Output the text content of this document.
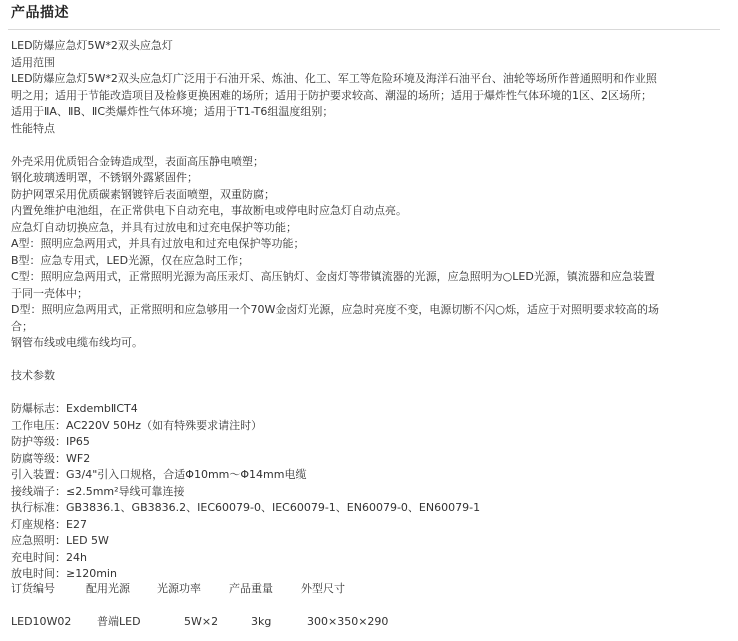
产品描述
LED防爆应急灯5W*2双头应急灯
适用范围
LED防爆应急灯5W*2双头应急灯广泛用于石油开采、炼油、化工、军工等危险环境及海洋石油平台、油轮等场所作普通照明和作业照
明之用；适用于节能改造项目及检修更换困难的场所；适用于防护要求较高、潮湿的场所；适用于爆炸性气体环境的1区、2区场所；
适用于ⅡA、ⅡB、ⅡC类爆炸性气体环境；适用于T1-T6组温度组别；
性能特点
外壳采用优质铝合金铸造成型，表面高压静电喷塑；
钢化玻璃透明罩，不锈钢外露紧固件；
防护网罩采用优质碳素钢镀锌后表面喷塑，双重防腐；
内置免维护电池组，在正常供电下自动充电，事故断电或停电时应急灯自动点亮。
应急灯自动切换应急，并具有过放电和过充电保护等功能；
A型：照明应急两用式，并具有过放电和过充电保护等功能；
B型：应急专用式，LED光源，仅在应急时工作；
C型：照明应急两用式，正常照明光源为高压汞灯、高压钠灯、金卤灯等带镇流器的光源，应急照明为○LED光源，镇流器和应急装置
于同一壳体中；
D型：照明应急两用式，正常照明和应急够用一个70W金卤灯光源，应急时亮度不变，电源切断不闪○烁，适应于对照明要求较高的场
合；
钢管布线或电缆布线均可。
技术参数
防爆标志： ExdembⅡCT4
工作电压： AC220V 50Hz（如有特殊要求请注时）
防护等级： IP65
防腐等级： WF2
引入装置： G3/4"引入口规格，合适Φ10mm～Φ14mm电缆
接线端子： ≤2.5mm²导线可靠连接
执行标准： GB3836.1、GB3836.2、IEC60079-0、IEC60079-1、EN60079-0、EN60079-1
灯座规格： E27
应急照明： LED 5W
充电时间： 24h
放电时间： ≥120min
订货编号	配用光源 光源功率	产品重量	外型尺寸
LED10W02 普端LED	5W×2	3kg	300×350×290
